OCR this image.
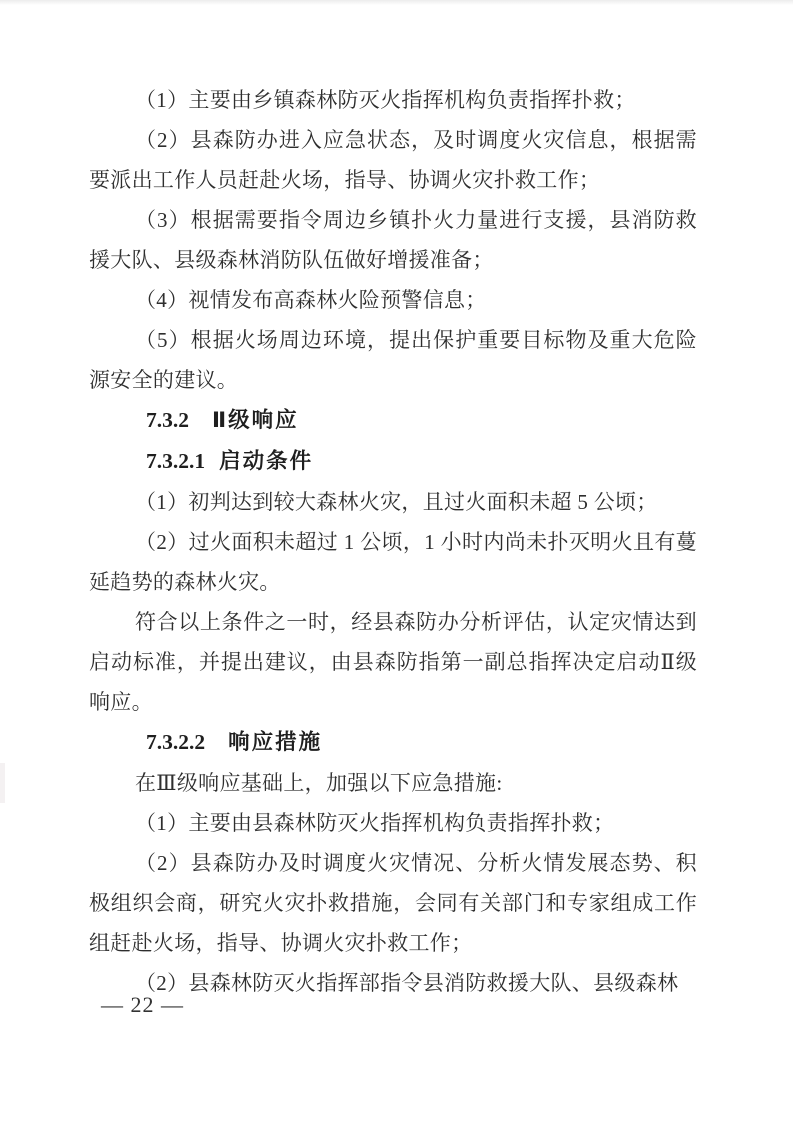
（1）主要由乡镇森林防灭火指挥机构负责指挥扑救；

（2）县森防办进入应急状态，及时调度火灾信息，根据需要派出工作人员赶赴火场，指导、协调火灾扑救工作；

（3）根据需要指令周边乡镇扑火力量进行支援，县消防救援大队、县级森林消防队伍做好增援准备；

（4）视情发布高森林火险预警信息；

（5）根据火场周边环境，提出保护重要目标物及重大危险源安全的建议。

7.3.2 Ⅱ级响应
7.3.2.1 启动条件

（1）初判达到较大森林火灾，且过火面积未超 5 公顷；

（2）过火面积未超过 1 公顷，1 小时内尚未扑灭明火且有蔓延趋势的森林火灾。

符合以上条件之一时，经县森防办分析评估，认定灾情达到启动标准，并提出建议，由县森防指第一副总指挥决定启动Ⅱ级响应。

7.3.2.2 响应措施

在Ⅲ级响应基础上，加强以下应急措施:

（1）主要由县森林防灭火指挥机构负责指挥扑救；

（2）县森防办及时调度火灾情况、分析火情发展态势、积极组织会商，研究火灾扑救措施，会同有关部门和专家组成工作组赶赴火场，指导、协调火灾扑救工作；

（2）县森林防灭火指挥部指令县消防救援大队、县级森林

— 22 —
